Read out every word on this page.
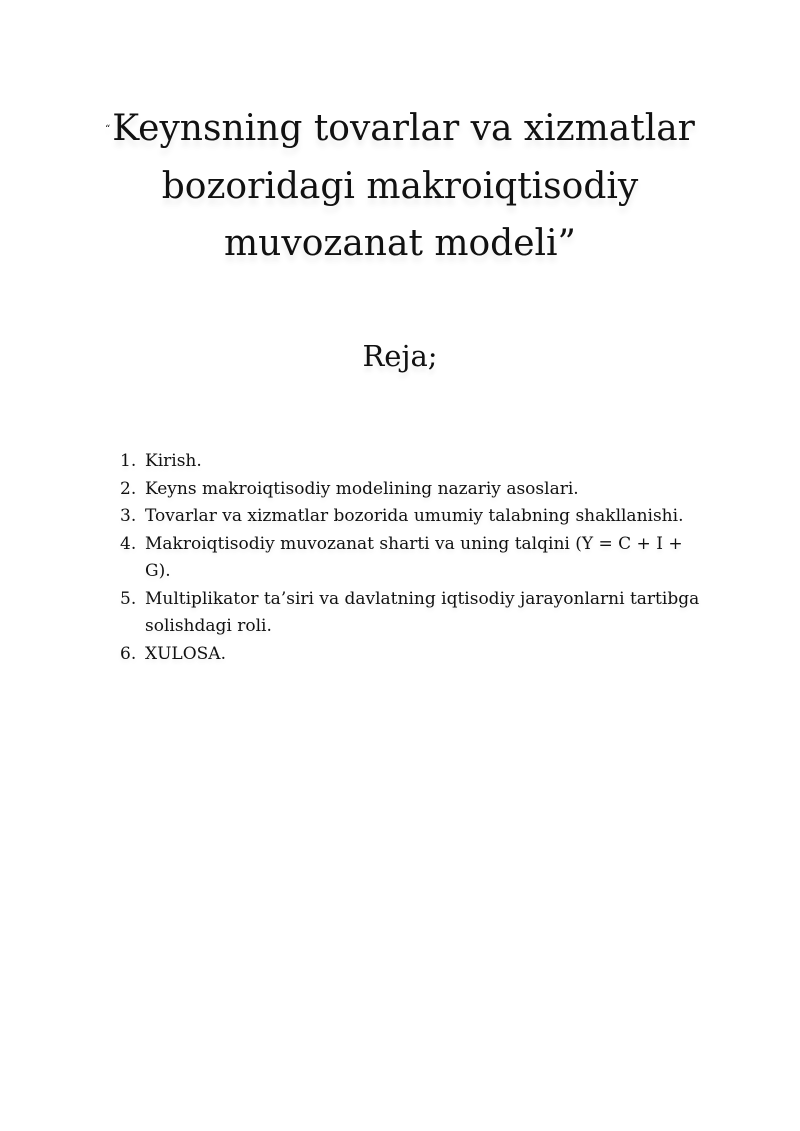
“Keynsning tovarlar va xizmatlar
bozoridagi makroiqtisodiy
muvozanat modeli”
Reja;
1. Kirish.
2. Keyns makroiqtisodiy modelining nazariy asoslari.
3. Tovarlar va xizmatlar bozorida umumiy talabning shakllanishi.
4. Makroiqtisodiy muvozanat sharti va uning talqini (Y = C + I + G).
5. Multiplikator ta’siri va davlatning iqtisodiy jarayonlarni tartibga solishdagi roli.
6. XULOSA.
